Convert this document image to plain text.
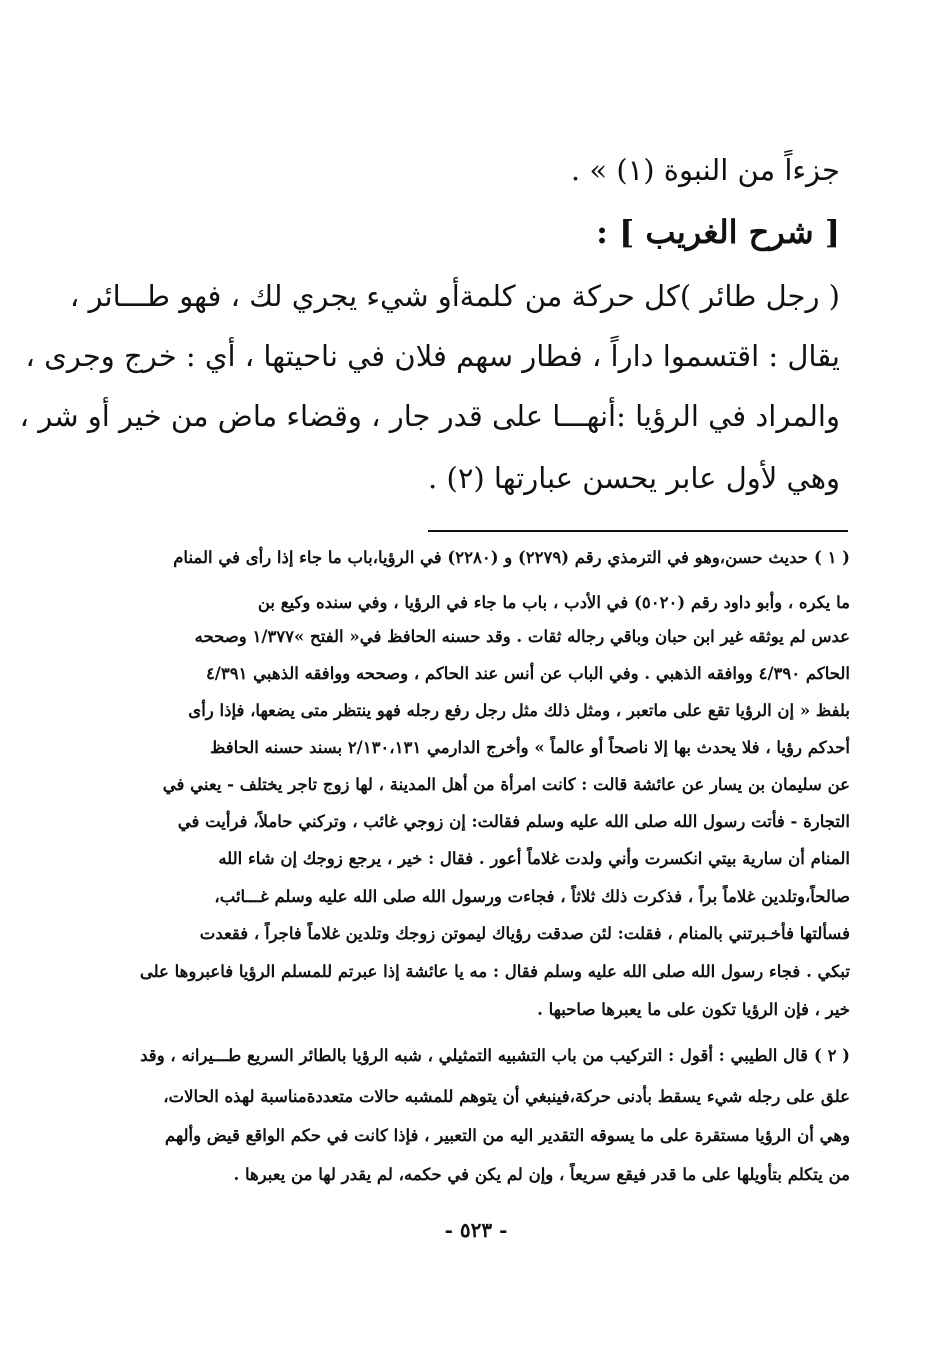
جزءاً من النبوة (١) » .
[ شرح الغريب ] :
( رجل طائر )كل حركة من كلمةأو شيء يجري لك ، فهو طـــائر ،
يقال : اقتسموا داراً ، فطار سهم فلان في ناحيتها ، أي : خرج وجرى ،
والمراد في الرؤيا :أنهـــا على قدر جار ، وقضاء ماض من خير أو شر ،
وهي لأول عابر يحسن عبارتها (٢) .
( ١ )حديث حسن،وهو في الترمذي رقم (٢٢٧٩) و (٢٢٨٠) في الرؤيا،باب ما جاء إذا رأى في المنام
ما يكره ، وأبو داود رقم (٥٠٢٠) في الأدب ، باب ما جاء في الرؤيا ، وفي سنده وكيع بن
عدس لم يوثقه غير ابن حبان وباقي رجاله ثقات . وقد حسنه الحافظ في« الفتح »١/٣٧٧ وصححه
الحاكم ٤/٣٩٠ ووافقه الذهبي . وفي الباب عن أنس عند الحاكم ، وصححه ووافقه الذهبي ٤/٣٩١
بلفظ « إن الرؤيا تقع على ماتعبر ، ومثل ذلك مثل رجل رفع رجله فهو ينتظر متى يضعها، فإذا رأى
أحدكم رؤيا ، فلا يحدث بها إلا ناصحاً أو عالماً » وأخرج الدارمي ٢/١٣٠،١٣١ بسند حسنه الحافظ
عن سليمان بن يسار عن عائشة قالت : كانت امرأة من أهل المدينة ، لها زوج تاجر يختلف - يعني في
التجارة - فأتت رسول الله صلى الله عليه وسلم فقالت: إن زوجي غائب ، وتركني حاملاً، فرأيت في
المنام أن سارية بيتي انكسرت وأني ولدت غلاماً أعور . فقال : خير ، يرجع زوجك إن شاء الله
صالحاً،وتلدين غلاماً براً ، فذكرت ذلك ثلاثاً ، فجاءت ورسول الله صلى الله عليه وسلم غـــائب،
فسألتها فأخـبرتني بالمنام ، فقلت: لئن صدقت رؤياك ليموتن زوجك وتلدين غلاماً فاجراً ، فقعدت
تبكي . فجاء رسول الله صلى الله عليه وسلم فقال : مه يا عائشة إذا عبرتم للمسلم الرؤيا فاعبروها على
خير ، فإن الرؤيا تكون على ما يعبرها صاحبها .
( ٢ )قال الطيبي : أقول : التركيب من باب التشبيه التمثيلي ، شبه الرؤيا بالطائر السريع طـــيرانه ، وقد
علق على رجله شيء يسقط بأدنى حركة،فينبغي أن يتوهم للمشبه حالات متعددةمناسبة لهذه الحالات،
وهي أن الرؤيا مستقرة على ما يسوقه التقدير اليه من التعبير ، فإذا كانت في حكم الواقع قيض وألهم
من يتكلم بتأويلها على ما قدر فيقع سريعاً ، وإن لم يكن في حكمه، لم يقدر لها من يعبرها .
- ٥٢٣ -
